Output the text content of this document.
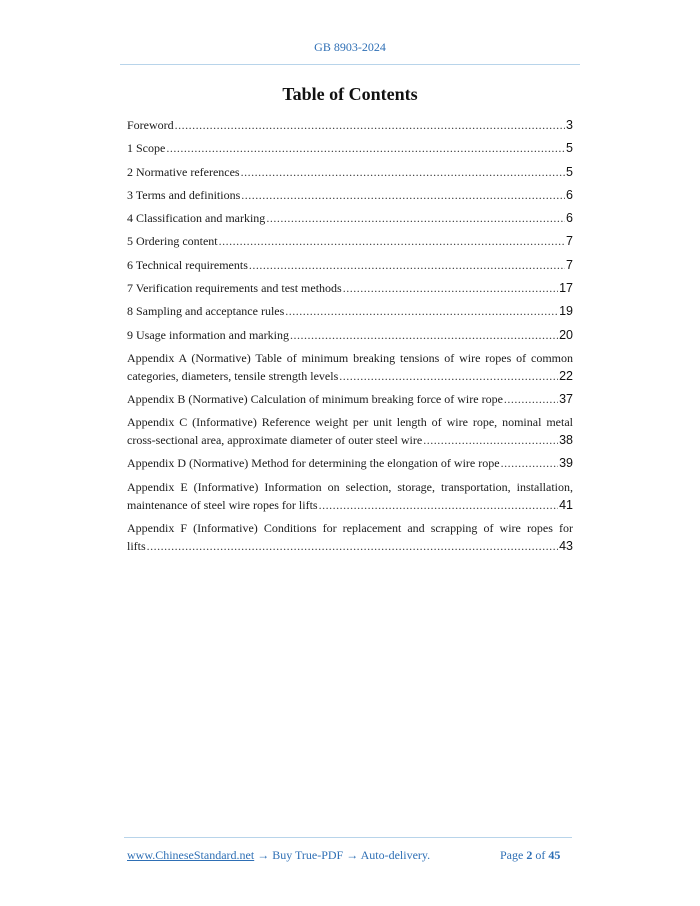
GB 8903-2024
Table of Contents
Foreword .....	3
1 Scope .....	5
2 Normative references .....	5
3 Terms and definitions .....	6
4 Classification and marking .....	6
5 Ordering content .....	7
6 Technical requirements .....	7
7 Verification requirements and test methods .....	17
8 Sampling and acceptance rules .....	19
9 Usage information and marking .....	20
Appendix A (Normative) Table of minimum breaking tensions of wire ropes of common
categories, diameters, tensile strength levels .....	22
Appendix B (Normative) Calculation of minimum breaking force of wire rope .....	37
Appendix C (Informative) Reference weight per unit length of wire rope, nominal metal
cross-sectional area, approximate diameter of outer steel wire .....	38
Appendix D (Normative) Method for determining the elongation of wire rope .....	39
Appendix E (Informative) Information on selection, storage, transportation, installation,
maintenance of steel wire ropes for lifts .....	41
Appendix F (Informative) Conditions for replacement and scrapping of wire ropes for
lifts .....	43
www.ChineseStandard.net → Buy True-PDF → Auto-delivery.	Page 2 of 45
